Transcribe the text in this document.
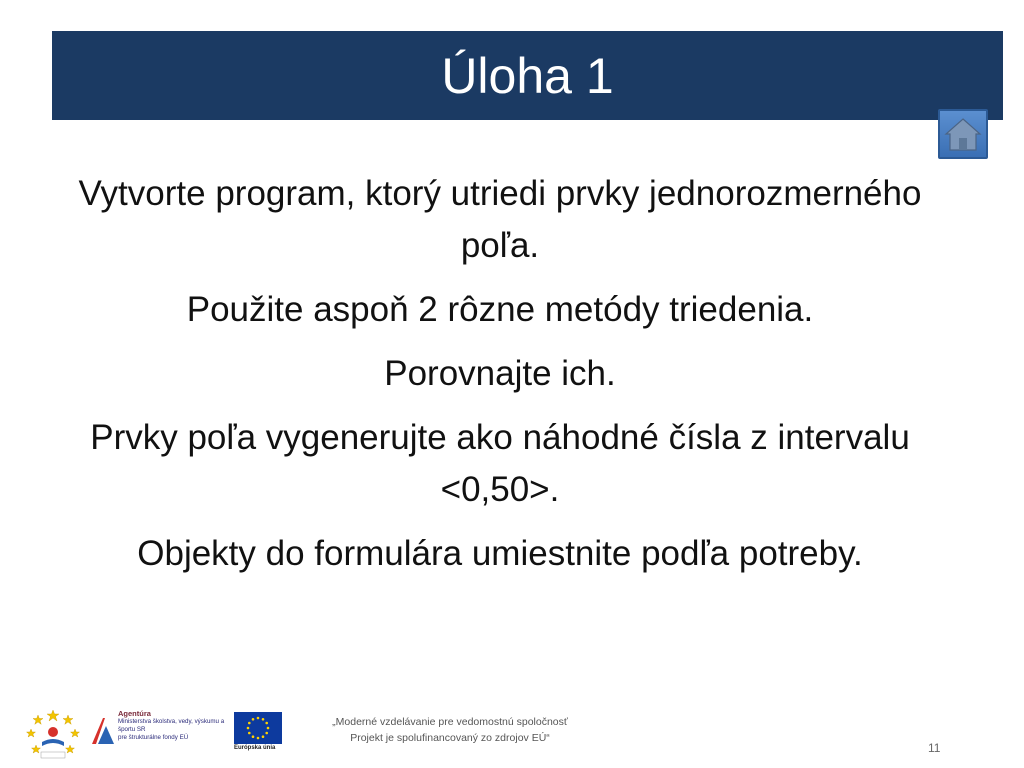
Úloha 1

Vytvorte program, ktorý utriedi prvky jednorozmerného poľa.

Použite aspoň 2 rôzne metódy triedenia.

Porovnajte ich.

Prvky poľa vygenerujte ako náhodné čísla z intervalu <0,50>.

Objekty do formulára umiestnite podľa potreby.

Agentúra
Ministerstva školstva, vedy, výskumu a športu SR
pre štrukturálne fondy EÚ
Európska únia
„Moderné vzdelávanie pre vedomostnú spoločnosť
Projekt je spolufinancovaný zo zdrojov EÚ“
11
